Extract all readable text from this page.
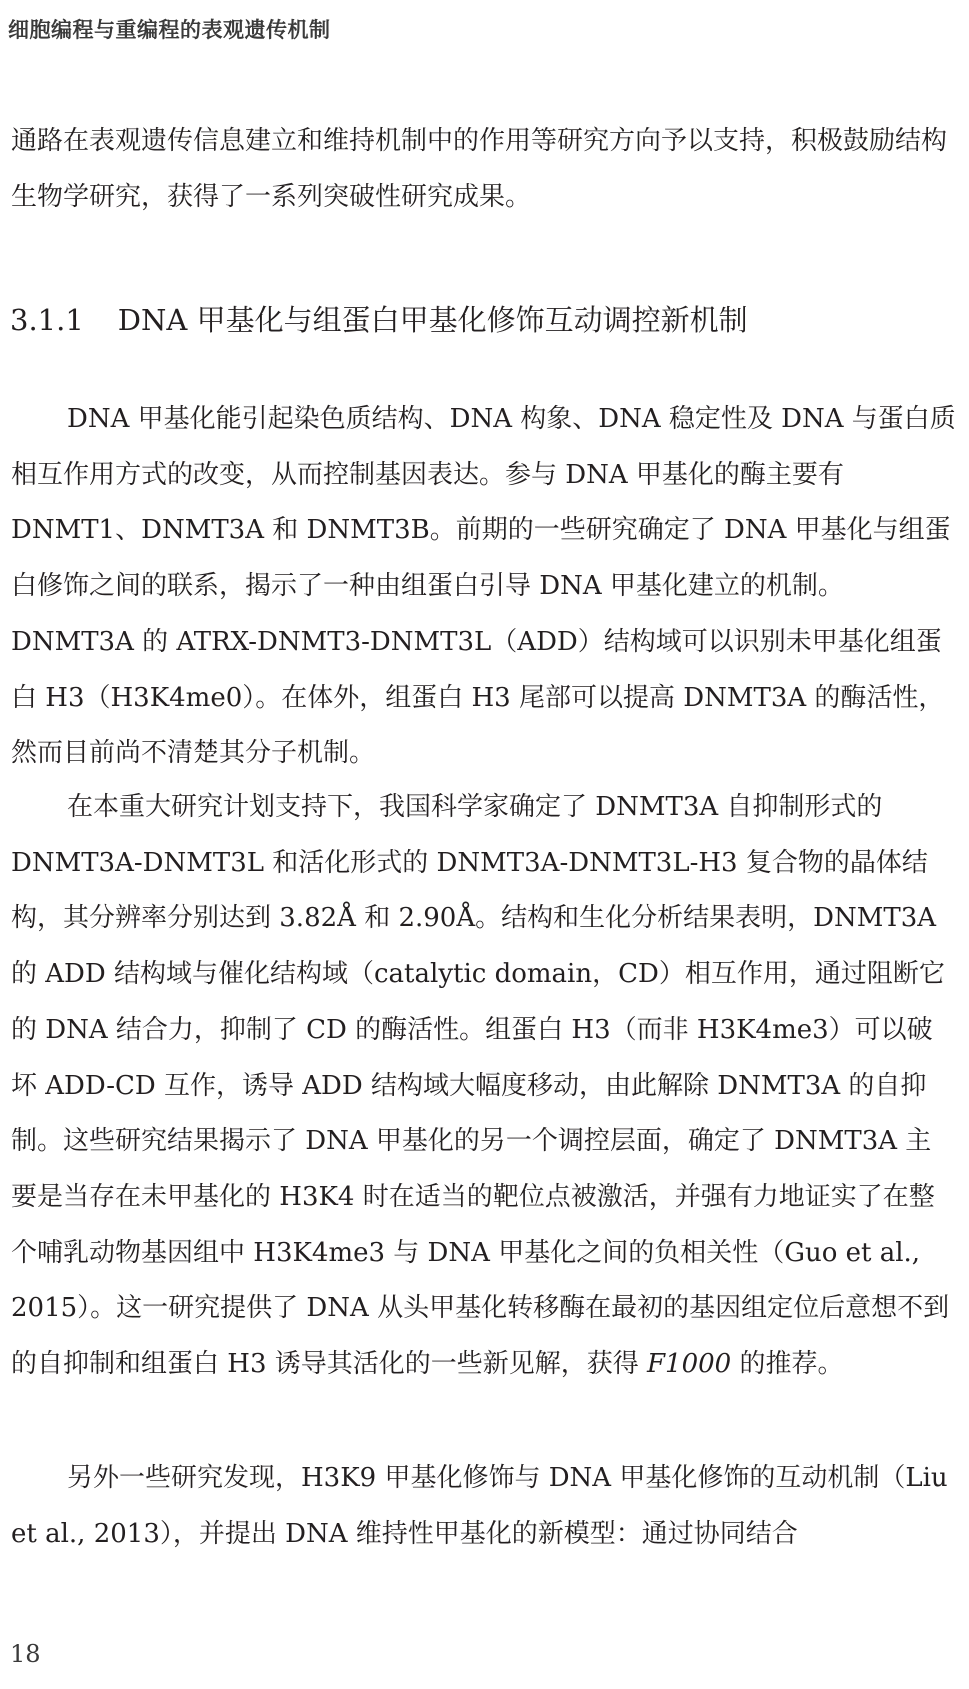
细胞编程与重编程的表观遗传机制

通路在表观遗传信息建立和维持机制中的作用等研究方向予以支持，积极鼓励结构生物学研究，获得了一系列突破性研究成果。

3.1.1 DNA 甲基化与组蛋白甲基化修饰互动调控新机制

DNA 甲基化能引起染色质结构、DNA 构象、DNA 稳定性及 DNA 与蛋白质相互作用方式的改变，从而控制基因表达。参与 DNA 甲基化的酶主要有 DNMT1、DNMT3A 和 DNMT3B。前期的一些研究确定了 DNA 甲基化与组蛋白修饰之间的联系，揭示了一种由组蛋白引导 DNA 甲基化建立的机制。DNMT3A 的 ATRX-DNMT3-DNMT3L（ADD）结构域可以识别未甲基化组蛋白 H3（H3K4me0）。在体外，组蛋白 H3 尾部可以提高 DNMT3A 的酶活性，然而目前尚不清楚其分子机制。

在本重大研究计划支持下，我国科学家确定了 DNMT3A 自抑制形式的 DNMT3A-DNMT3L 和活化形式的 DNMT3A-DNMT3L-H3 复合物的晶体结构，其分辨率分别达到 3.82Å 和 2.90Å。结构和生化分析结果表明，DNMT3A 的 ADD 结构域与催化结构域（catalytic domain，CD）相互作用，通过阻断它的 DNA 结合力，抑制了 CD 的酶活性。组蛋白 H3（而非 H3K4me3）可以破坏 ADD-CD 互作，诱导 ADD 结构域大幅度移动，由此解除 DNMT3A 的自抑制。这些研究结果揭示了 DNA 甲基化的另一个调控层面，确定了 DNMT3A 主要是当存在未甲基化的 H3K4 时在适当的靶位点被激活，并强有力地证实了在整个哺乳动物基因组中 H3K4me3 与 DNA 甲基化之间的负相关性（Guo et al., 2015）。这一研究提供了 DNA 从头甲基化转移酶在最初的基因组定位后意想不到的自抑制和组蛋白 H3 诱导其活化的一些新见解，获得 F1000 的推荐。

另外一些研究发现，H3K9 甲基化修饰与 DNA 甲基化修饰的互动机制（Liu et al., 2013），并提出 DNA 维持性甲基化的新模型：通过协同结合

18
